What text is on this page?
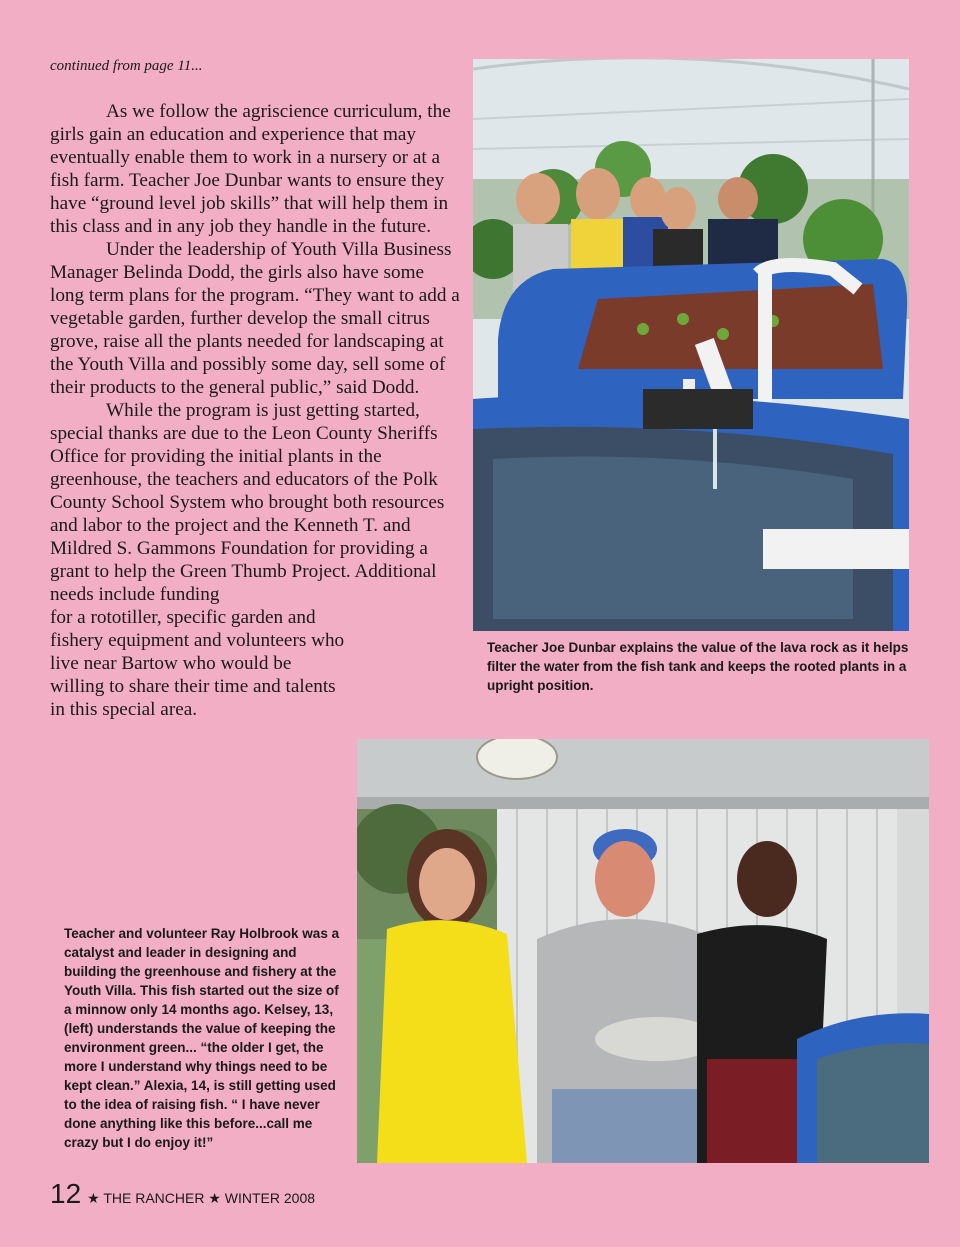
continued from page 11...

As we follow the agriscience curriculum, the girls gain an education and experience that may eventually enable them to work in a nursery or at a fish farm. Teacher Joe Dunbar wants to ensure they have “ground level job skills” that will help them in this class and in any job they handle in the future.

Under the leadership of Youth Villa Business Manager Belinda Dodd, the girls also have some long term plans for the program. “They want to add a vegetable garden, further develop the small citrus grove, raise all the plants needed for landscaping at the Youth Villa and possibly some day, sell some of their products to the general public,” said Dodd.

While the program is just getting started, special thanks are due to the Leon County Sheriffs Office for providing the initial plants in the greenhouse, the teachers and educators of the Polk County School System who brought both resources and labor to the project and the Kenneth T. and Mildred S. Gammons Foundation for providing a grant to help the Green Thumb Project. Additional needs include funding

for a rototiller, specific garden and fishery equipment and volunteers who live near Bartow who would be willing to share their time and talents in this special area.

Teacher Joe Dunbar explains the value of the lava rock as it helps filter the water from the fish tank and keeps the rooted plants in a upright position.
Teacher and volunteer Ray Holbrook was a catalyst and leader in designing and building the greenhouse and fishery at the Youth Villa. This fish started out the size of a minnow only 14 months ago. Kelsey, 13, (left) understands the value of keeping the environment green... “the older I get, the more I understand why things need to be kept clean.” Alexia, 14, is still getting used to the idea of raising fish. “ I have never done anything like this before...call me crazy but I do enjoy it!”
12 ★ THE RANCHER ★ WINTER 2008
